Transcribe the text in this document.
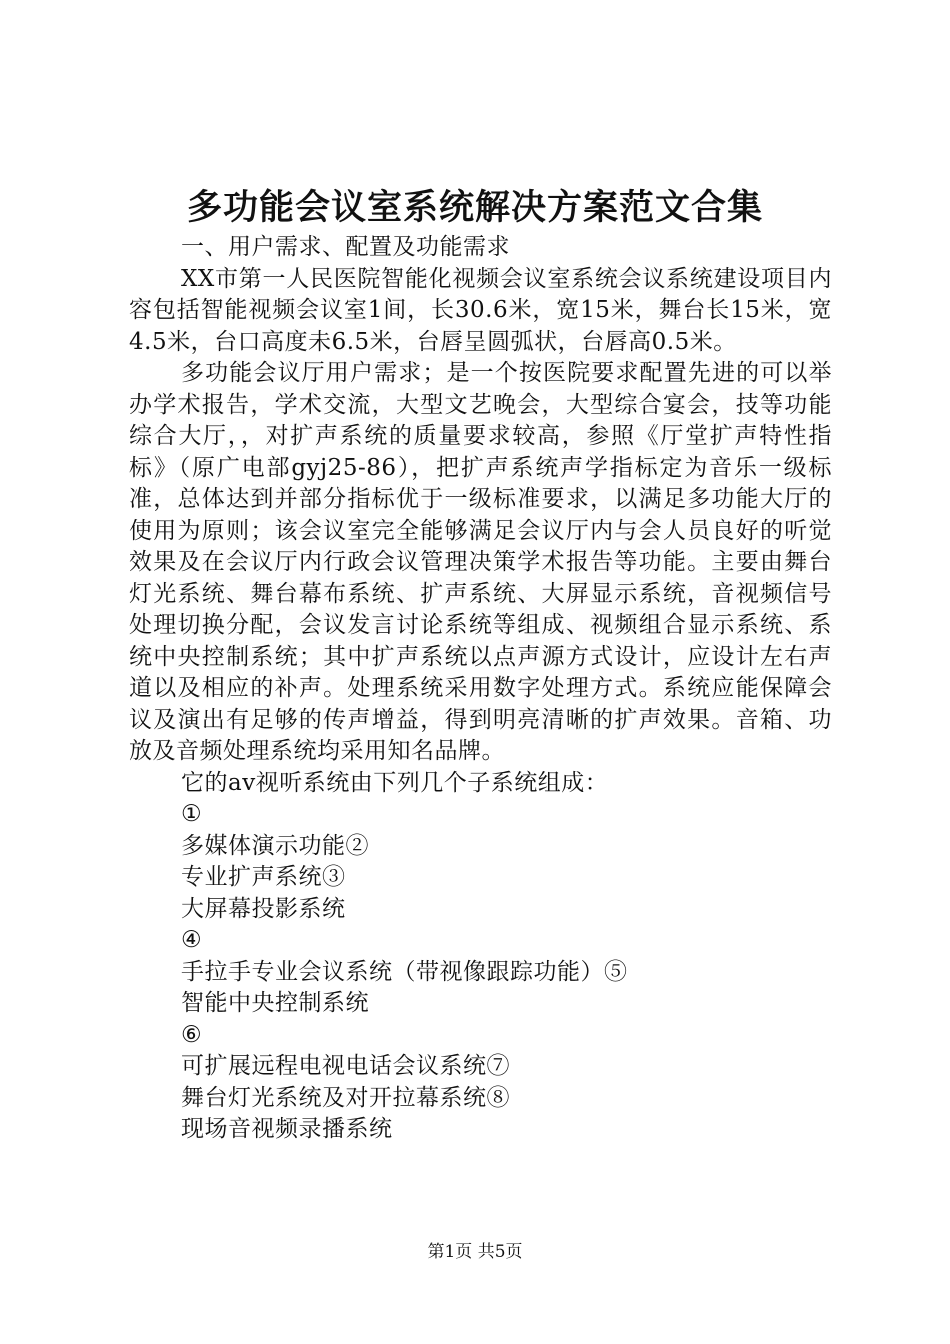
多功能会议室系统解决方案范文合集

一、用户需求、配置及功能需求

XX市第一人民医院智能化视频会议室系统会议系统建设项目内容包括智能视频会议室1间，长30.6米，宽15米，舞台长15米，宽4.5米，台口高度未6.5米，台唇呈圆弧状，台唇高0.5米。

多功能会议厅用户需求；是一个按医院要求配置先进的可以举办学术报告，学术交流，大型文艺晚会，大型综合宴会，技等功能综合大厅，，对扩声系统的质量要求较高，参照《厅堂扩声特性指标》（原广电部gyj25-86），把扩声系统声学指标定为音乐一级标准，总体达到并部分指标优于一级标准要求，以满足多功能大厅的使用为原则；该会议室完全能够满足会议厅内与会人员良好的听觉效果及在会议厅内行政会议管理决策学术报告等功能。主要由舞台灯光系统、舞台幕布系统、扩声系统、大屏显示系统，音视频信号处理切换分配，会议发言讨论系统等组成、视频组合显示系统、系统中央控制系统；其中扩声系统以点声源方式设计，应设计左右声道以及相应的补声。处理系统采用数字处理方式。系统应能保障会议及演出有足够的传声增益，得到明亮清晰的扩声效果。音箱、功放及音频处理系统均采用知名品牌。

它的av视听系统由下列几个子系统组成：

①

多媒体演示功能②

专业扩声系统③

大屏幕投影系统

④

手拉手专业会议系统（带视像跟踪功能）⑤

智能中央控制系统

⑥

可扩展远程电视电话会议系统⑦

舞台灯光系统及对开拉幕系统⑧

现场音视频录播系统

第1页 共5页
